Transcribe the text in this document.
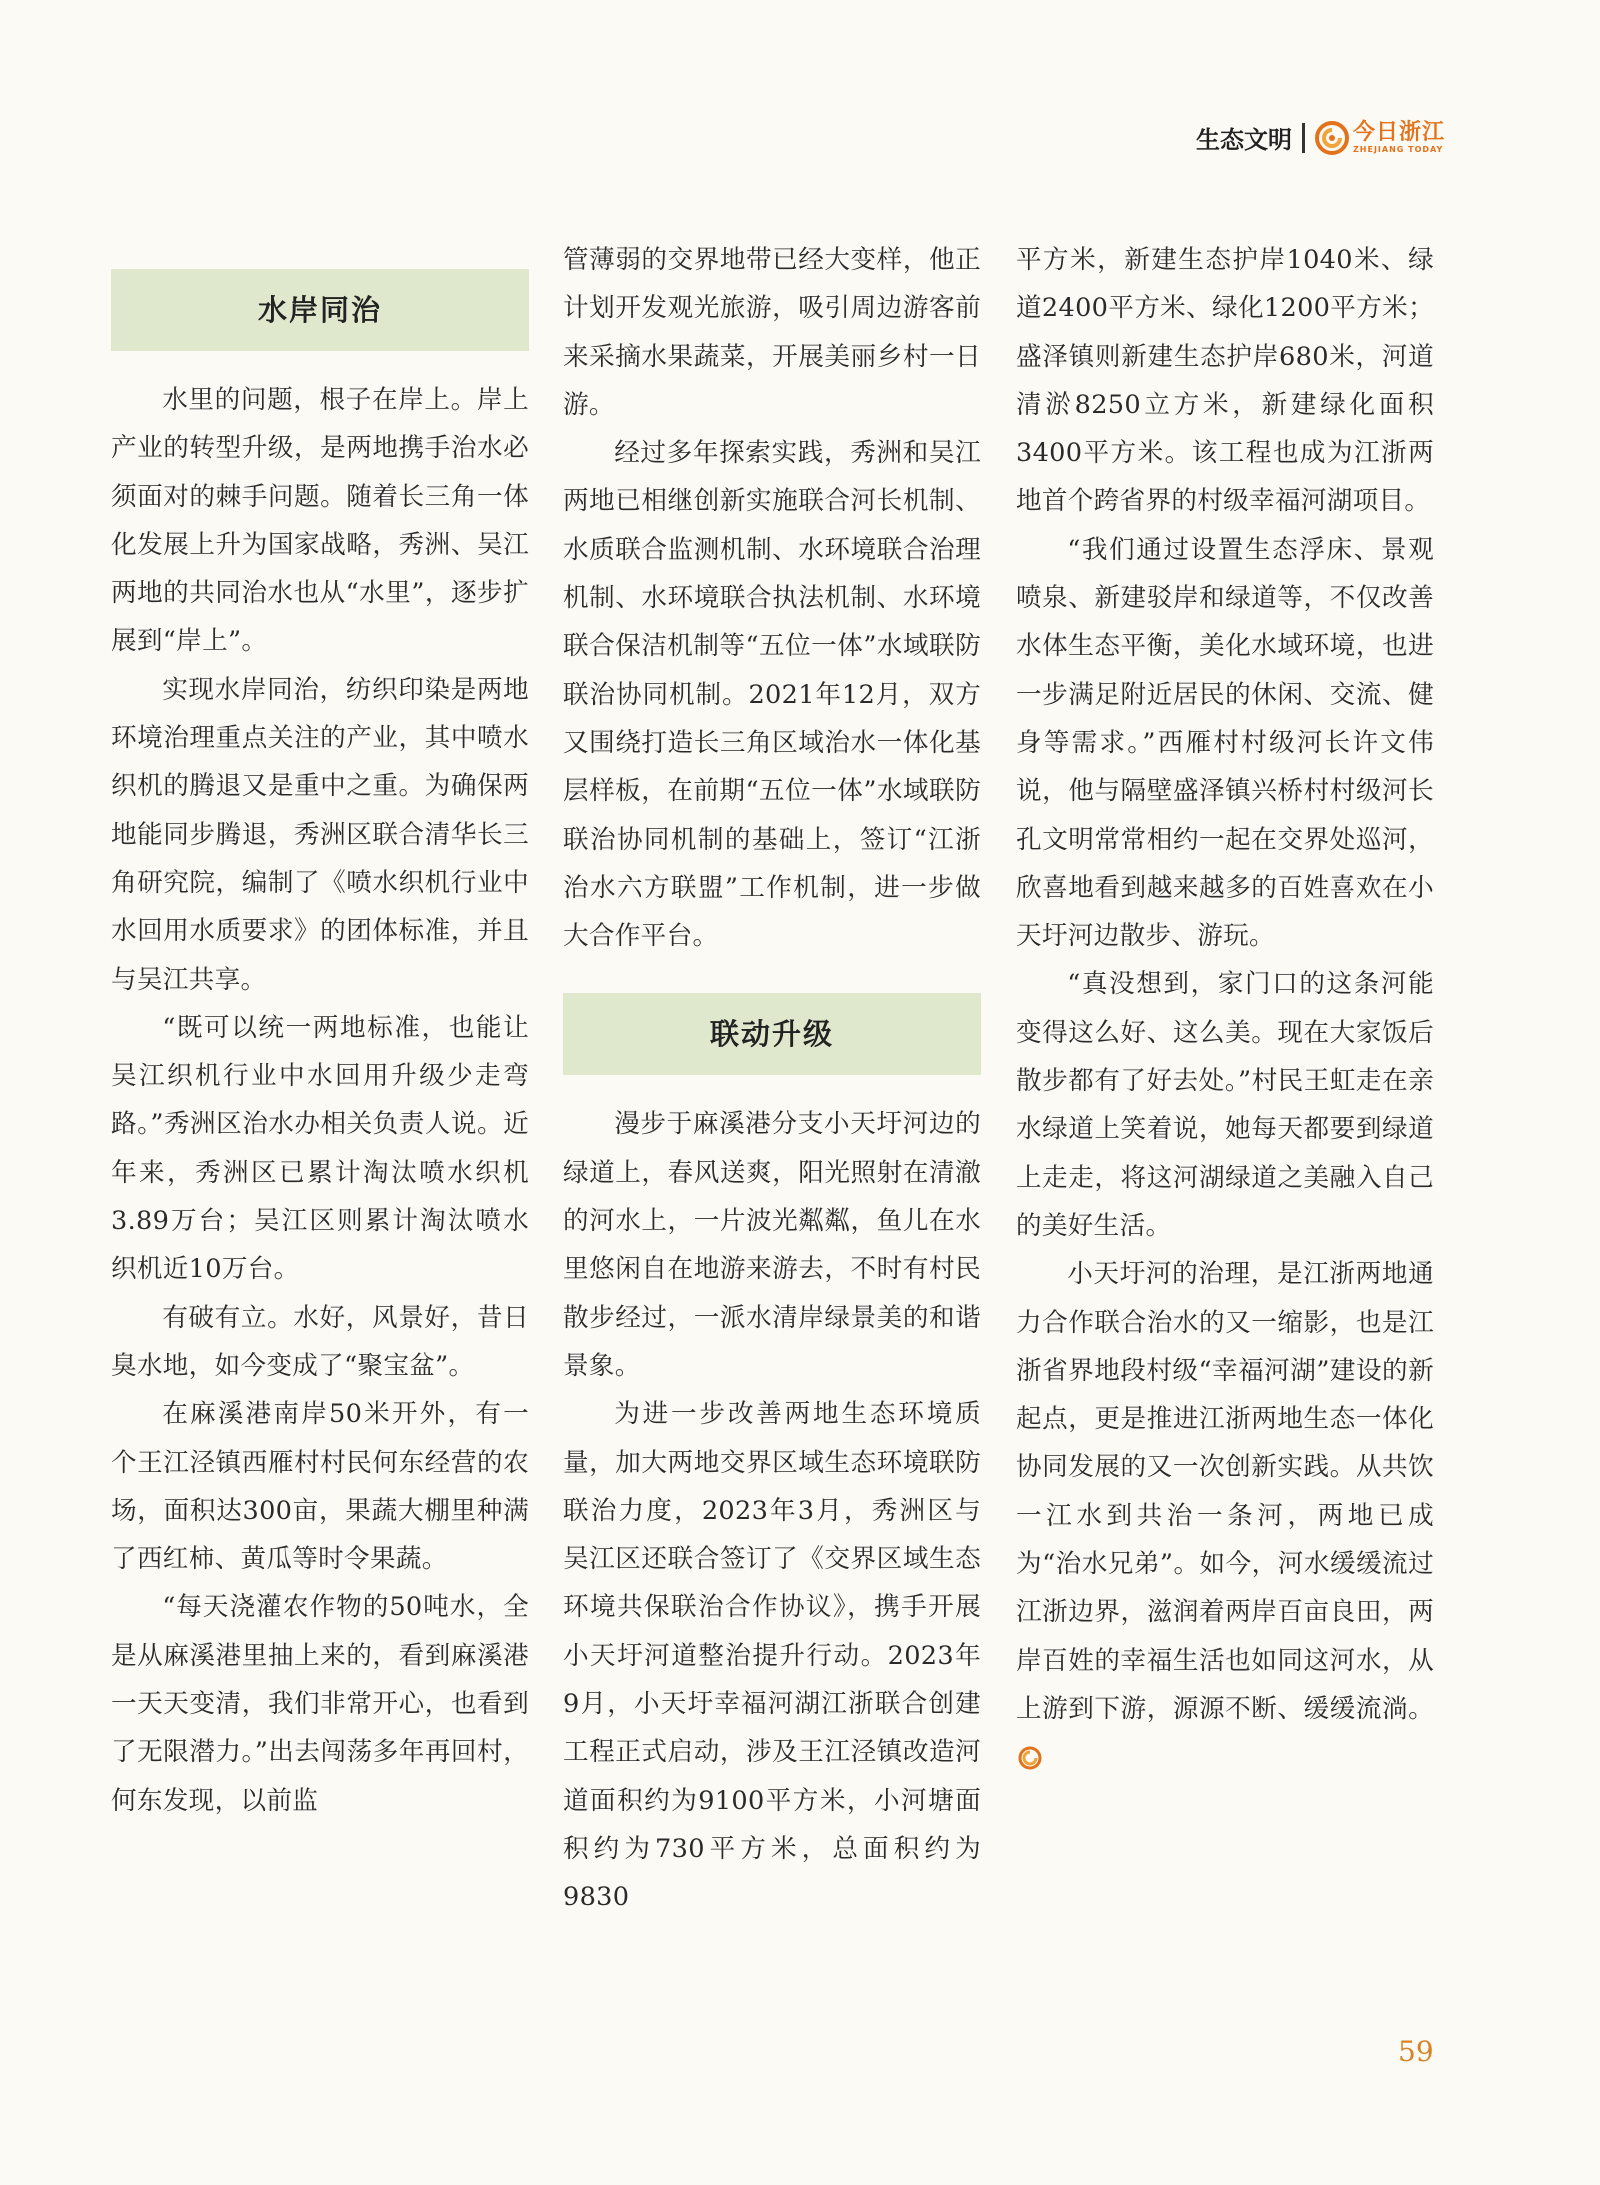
生态文明	今日浙江
ZHEJIANG TODAY
水岸同治

水里的问题，根子在岸上。岸上产业的转型升级，是两地携手治水必须面对的棘手问题。随着长三角一体化发展上升为国家战略，秀洲、吴江两地的共同治水也从“水里”，逐步扩展到“岸上”。

实现水岸同治，纺织印染是两地环境治理重点关注的产业，其中喷水织机的腾退又是重中之重。为确保两地能同步腾退，秀洲区联合清华长三角研究院，编制了《喷水织机行业中水回用水质要求》的团体标准，并且与吴江共享。

“既可以统一两地标准，也能让吴江织机行业中水回用升级少走弯路。”秀洲区治水办相关负责人说。近年来，秀洲区已累计淘汰喷水织机3.89万台；吴江区则累计淘汰喷水织机近10万台。

有破有立。水好，风景好，昔日臭水地，如今变成了“聚宝盆”。

在麻溪港南岸50米开外，有一个王江泾镇西雁村村民何东经营的农场，面积达300亩，果蔬大棚里种满了西红柿、黄瓜等时令果蔬。

“每天浇灌农作物的50吨水，全是从麻溪港里抽上来的，看到麻溪港一天天变清，我们非常开心，也看到了无限潜力。”出去闯荡多年再回村，何东发现，以前监

管薄弱的交界地带已经大变样，他正计划开发观光旅游，吸引周边游客前来采摘水果蔬菜，开展美丽乡村一日游。

经过多年探索实践，秀洲和吴江两地已相继创新实施联合河长机制、水质联合监测机制、水环境联合治理机制、水环境联合执法机制、水环境联合保洁机制等“五位一体”水域联防联治协同机制。2021年12月，双方又围绕打造长三角区域治水一体化基层样板，在前期“五位一体”水域联防联治协同机制的基础上，签订“江浙治水六方联盟”工作机制，进一步做大合作平台。

联动升级

漫步于麻溪港分支小天圩河边的绿道上，春风送爽，阳光照射在清澈的河水上，一片波光粼粼，鱼儿在水里悠闲自在地游来游去，不时有村民散步经过，一派水清岸绿景美的和谐景象。

为进一步改善两地生态环境质量，加大两地交界区域生态环境联防联治力度，2023年3月，秀洲区与吴江区还联合签订了《交界区域生态环境共保联治合作协议》，携手开展小天圩河道整治提升行动。2023年9月，小天圩幸福河湖江浙联合创建工程正式启动，涉及王江泾镇改造河道面积约为9100平方米，小河塘面积约为730平方米，总面积约为9830

平方米，新建生态护岸1040米、绿道2400平方米、绿化1200平方米；盛泽镇则新建生态护岸680米，河道清淤8250立方米，新建绿化面积3400平方米。该工程也成为江浙两地首个跨省界的村级幸福河湖项目。

“我们通过设置生态浮床、景观喷泉、新建驳岸和绿道等，不仅改善水体生态平衡，美化水域环境，也进一步满足附近居民的休闲、交流、健身等需求。”西雁村村级河长许文伟说，他与隔壁盛泽镇兴桥村村级河长孔文明常常相约一起在交界处巡河，欣喜地看到越来越多的百姓喜欢在小天圩河边散步、游玩。

“真没想到，家门口的这条河能变得这么好、这么美。现在大家饭后散步都有了好去处。”村民王虹走在亲水绿道上笑着说，她每天都要到绿道上走走，将这河湖绿道之美融入自己的美好生活。

小天圩河的治理，是江浙两地通力合作联合治水的又一缩影，也是江浙省界地段村级“幸福河湖”建设的新起点，更是推进江浙两地生态一体化协同发展的又一次创新实践。从共饮一江水到共治一条河，两地已成为“治水兄弟”。如今，河水缓缓流过江浙边界，滋润着两岸百亩良田，两岸百姓的幸福生活也如同这河水，从上游到下游，源源不断、缓缓流淌。

59
